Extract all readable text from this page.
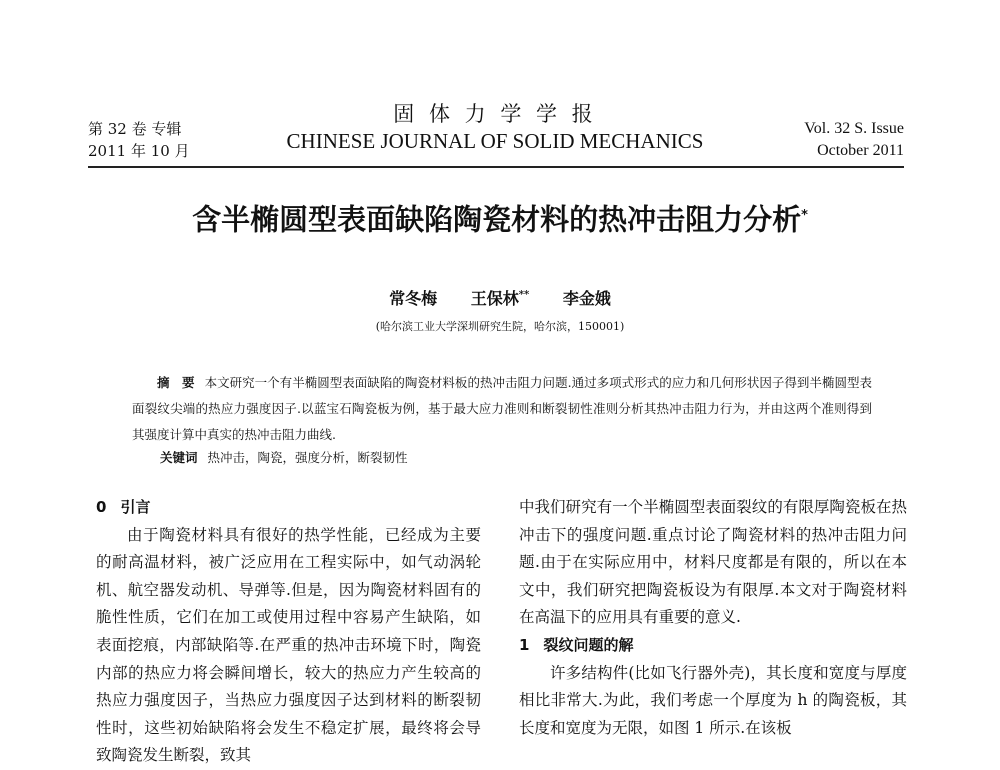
第 32 卷 专辑
2011 年 10 月
固 体 力 学 学 报
CHINESE JOURNAL OF SOLID MECHANICS
Vol. 32 S. Issue
October 2011
含半椭圆型表面缺陷陶瓷材料的热冲击阻力分析*
常冬梅 王保林** 李金娥
(哈尔滨工业大学深圳研究生院，哈尔滨，150001)
摘　要 本文研究一个有半椭圆型表面缺陷的陶瓷材料板的热冲击阻力问题.通过多项式形式的应力和几何形状因子得到半椭圆型表面裂纹尖端的热应力强度因子.以蓝宝石陶瓷板为例，基于最大应力准则和断裂韧性准则分析其热冲击阻力行为，并由这两个准则得到其强度计算中真实的热冲击阻力曲线.
关键词 热冲击，陶瓷，强度分析，断裂韧性
0 引言

由于陶瓷材料具有很好的热学性能，已经成为主要的耐高温材料，被广泛应用在工程实际中，如气动涡轮机、航空器发动机、导弹等.但是，因为陶瓷材料固有的脆性性质，它们在加工或使用过程中容易产生缺陷，如表面挖痕，内部缺陷等.在严重的热冲击环境下时，陶瓷内部的热应力将会瞬间增长，较大的热应力产生较高的热应力强度因子，当热应力强度因子达到材料的断裂韧性时，这些初始缺陷将会发生不稳定扩展，最终将会导致陶瓷发生断裂，致其

中我们研究有一个半椭圆型表面裂纹的有限厚陶瓷板在热冲击下的强度问题.重点讨论了陶瓷材料的热冲击阻力问题.由于在实际应用中，材料尺度都是有限的，所以在本文中，我们研究把陶瓷板设为有限厚.本文对于陶瓷材料在高温下的应用具有重要的意义.

1 裂纹问题的解

许多结构件(比如飞行器外壳)，其长度和宽度与厚度相比非常大.为此，我们考虑一个厚度为 h 的陶瓷板，其长度和宽度为无限，如图 1 所示.在该板
